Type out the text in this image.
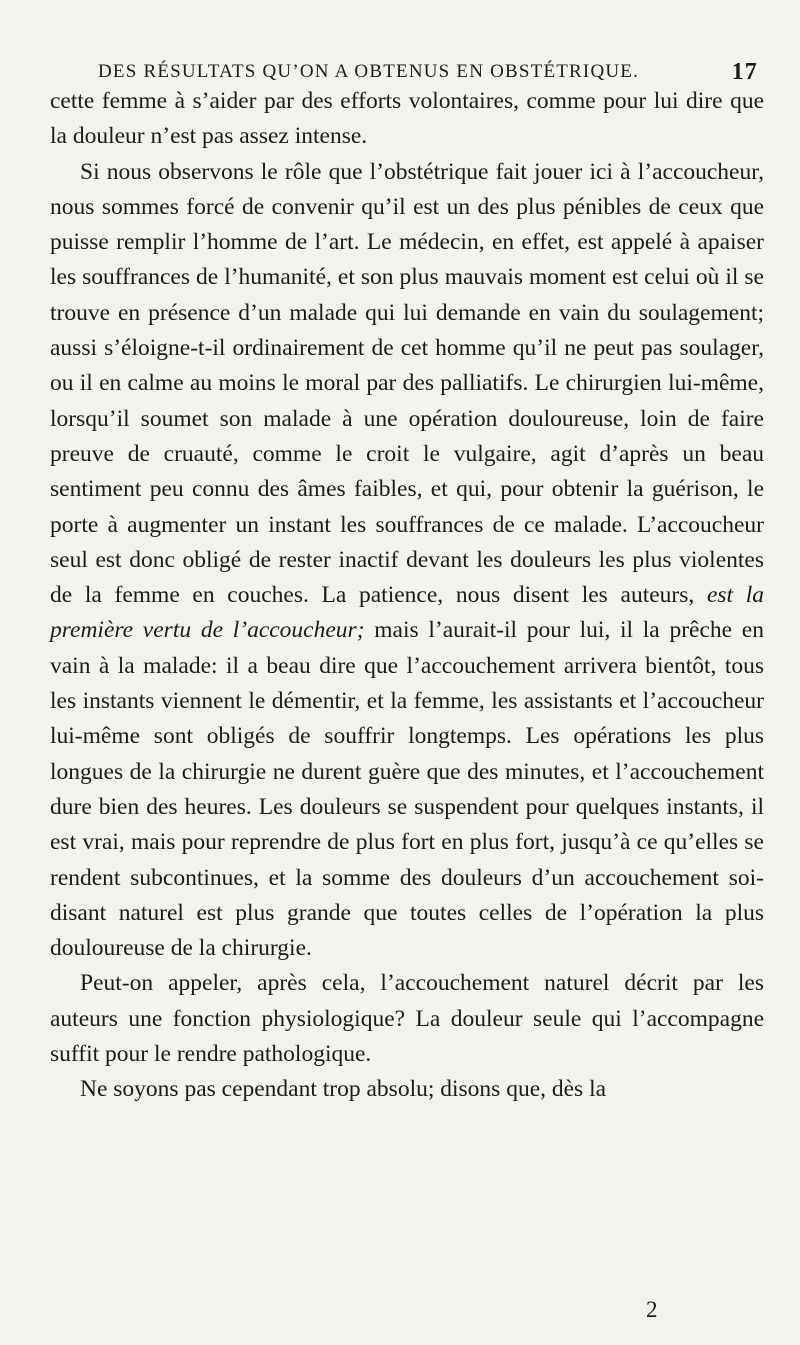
DES RÉSULTATS QU’ON A OBTENUS EN OBSTÉTRIQUE.	17

cette femme à s’aider par des efforts volontaires, comme pour lui dire que la douleur n’est pas assez intense.

Si nous observons le rôle que l’obstétrique fait jouer ici à l’accoucheur, nous sommes forcé de convenir qu’il est un des plus pénibles de ceux que puisse remplir l’homme de l’art. Le médecin, en effet, est appelé à apaiser les souffrances de l’humanité, et son plus mauvais moment est celui où il se trouve en présence d’un malade qui lui demande en vain du soulagement; aussi s’éloigne-t-il ordinairement de cet homme qu’il ne peut pas soulager, ou il en calme au moins le moral par des palliatifs. Le chirurgien lui-même, lorsqu’il soumet son malade à une opération douloureuse, loin de faire preuve de cruauté, comme le croit le vulgaire, agit d’après un beau sentiment peu connu des âmes faibles, et qui, pour obtenir la guérison, le porte à augmenter un instant les souffrances de ce malade. L’accoucheur seul est donc obligé de rester inactif devant les douleurs les plus violentes de la femme en couches. La patience, nous disent les auteurs, est la première vertu de l’accoucheur; mais l’aurait-il pour lui, il la prêche en vain à la malade: il a beau dire que l’accouchement arrivera bientôt, tous les instants viennent le démentir, et la femme, les assistants et l’accoucheur lui-même sont obligés de souffrir longtemps. Les opérations les plus longues de la chirurgie ne durent guère que des minutes, et l’accouchement dure bien des heures. Les douleurs se suspendent pour quelques instants, il est vrai, mais pour reprendre de plus fort en plus fort, jusqu’à ce qu’elles se rendent subcontinues, et la somme des douleurs d’un accouchement soi-disant naturel est plus grande que toutes celles de l’opération la plus douloureuse de la chirurgie.

Peut-on appeler, après cela, l’accouchement naturel décrit par les auteurs une fonction physiologique? La douleur seule qui l’accompagne suffit pour le rendre pathologique.

Ne soyons pas cependant trop absolu; disons que, dès la

2
